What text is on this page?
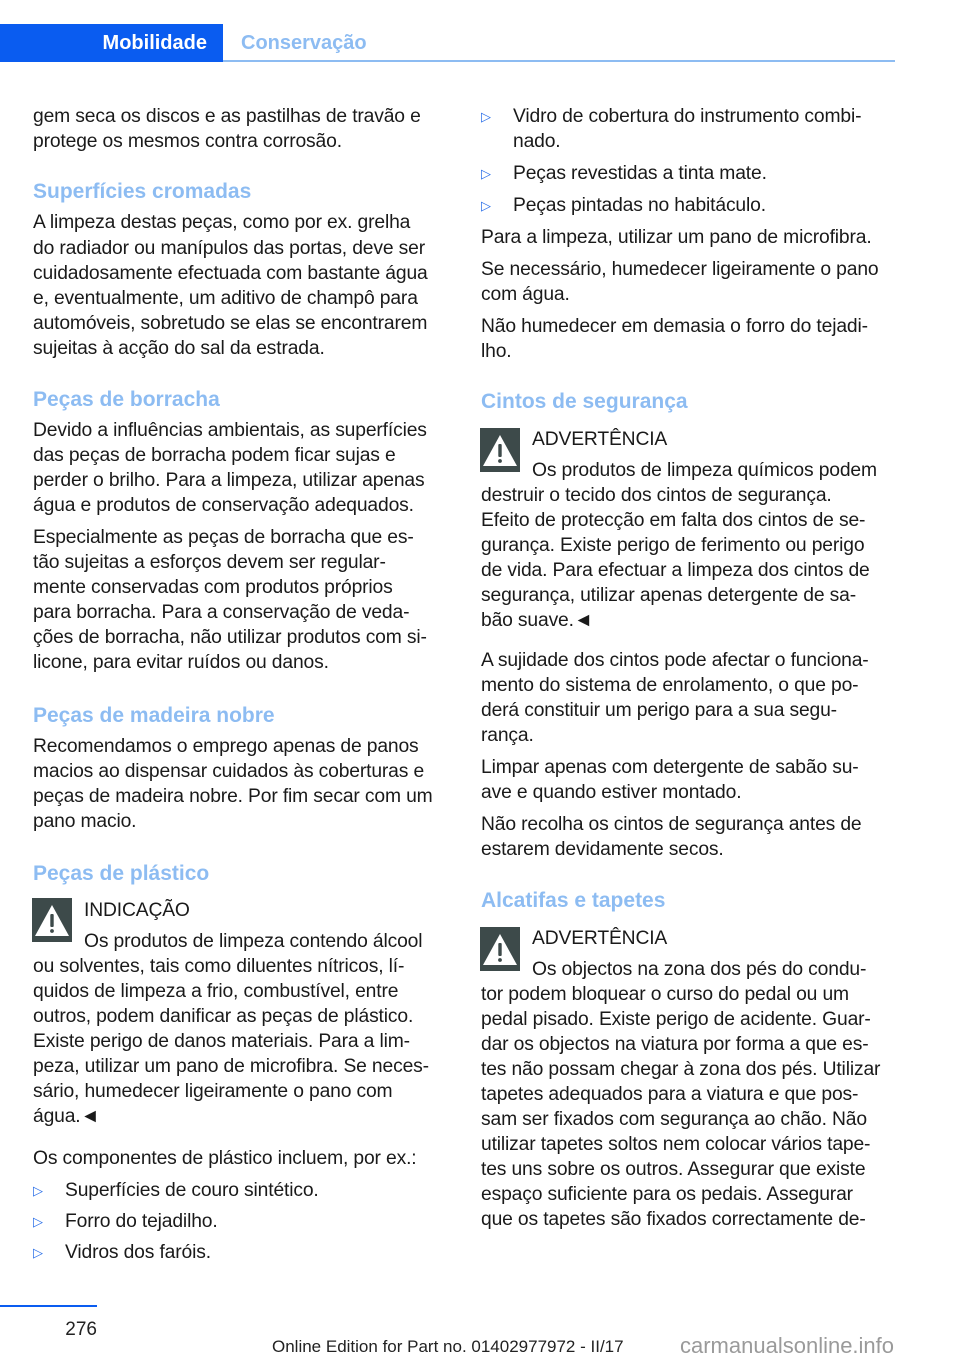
Mobilidade	Conservação
gem seca os discos e as pastilhas de travão e
protege os mesmos contra corrosão.
Superfícies cromadas
A limpeza destas peças, como por ex. grelha
do radiador ou manípulos das portas, deve ser
cuidadosamente efectuada com bastante água
e, eventualmente, um aditivo de champô para
automóveis, sobretudo se elas se encontrarem
sujeitas à acção do sal da estrada.
Peças de borracha
Devido a influências ambientais, as superfícies
das peças de borracha podem ficar sujas e
perder o brilho. Para a limpeza, utilizar apenas
água e produtos de conservação adequados.
Especialmente as peças de borracha que es-
tão sujeitas a esforços devem ser regular-
mente conservadas com produtos próprios
para borracha. Para a conservação de veda-
ções de borracha, não utilizar produtos com si-
licone, para evitar ruídos ou danos.
Peças de madeira nobre
Recomendamos o emprego apenas de panos
macios ao dispensar cuidados às coberturas e
peças de madeira nobre. Por fim secar com um
pano macio.
Peças de plástico
INDICAÇÃO
Os produtos de limpeza contendo álcool
ou solventes, tais como diluentes nítricos, lí-
quidos de limpeza a frio, combustível, entre
outros, podem danificar as peças de plástico.
Existe perigo de danos materiais. Para a lim-
peza, utilizar um pano de microfibra. Se neces-
sário, humedecer ligeiramente o pano com
água.◄
Os componentes de plástico incluem, por ex.:
▷ Superfícies de couro sintético.
▷ Forro do tejadilho.
▷ Vidros dos faróis.
▷ Vidro de cobertura do instrumento combi-
nado.
▷ Peças revestidas a tinta mate.
▷ Peças pintadas no habitáculo.
Para a limpeza, utilizar um pano de microfibra.
Se necessário, humedecer ligeiramente o pano
com água.
Não humedecer em demasia o forro do tejadi-
lho.
Cintos de segurança
ADVERTÊNCIA
Os produtos de limpeza químicos podem
destruir o tecido dos cintos de segurança.
Efeito de protecção em falta dos cintos de se-
gurança. Existe perigo de ferimento ou perigo
de vida. Para efectuar a limpeza dos cintos de
segurança, utilizar apenas detergente de sa-
bão suave.◄
A sujidade dos cintos pode afectar o funciona-
mento do sistema de enrolamento, o que po-
derá constituir um perigo para a sua segu-
rança.
Limpar apenas com detergente de sabão su-
ave e quando estiver montado.
Não recolha os cintos de segurança antes de
estarem devidamente secos.
Alcatifas e tapetes
ADVERTÊNCIA
Os objectos na zona dos pés do condu-
tor podem bloquear o curso do pedal ou um
pedal pisado. Existe perigo de acidente. Guar-
dar os objectos na viatura por forma a que es-
tes não possam chegar à zona dos pés. Utilizar
tapetes adequados para a viatura e que pos-
sam ser fixados com segurança ao chão. Não
utilizar tapetes soltos nem colocar vários tape-
tes uns sobre os outros. Assegurar que existe
espaço suficiente para os pedais. Assegurar
que os tapetes são fixados correctamente de-
276
Online Edition for Part no. 01402977972 - II/17	carmanualsonline.info
